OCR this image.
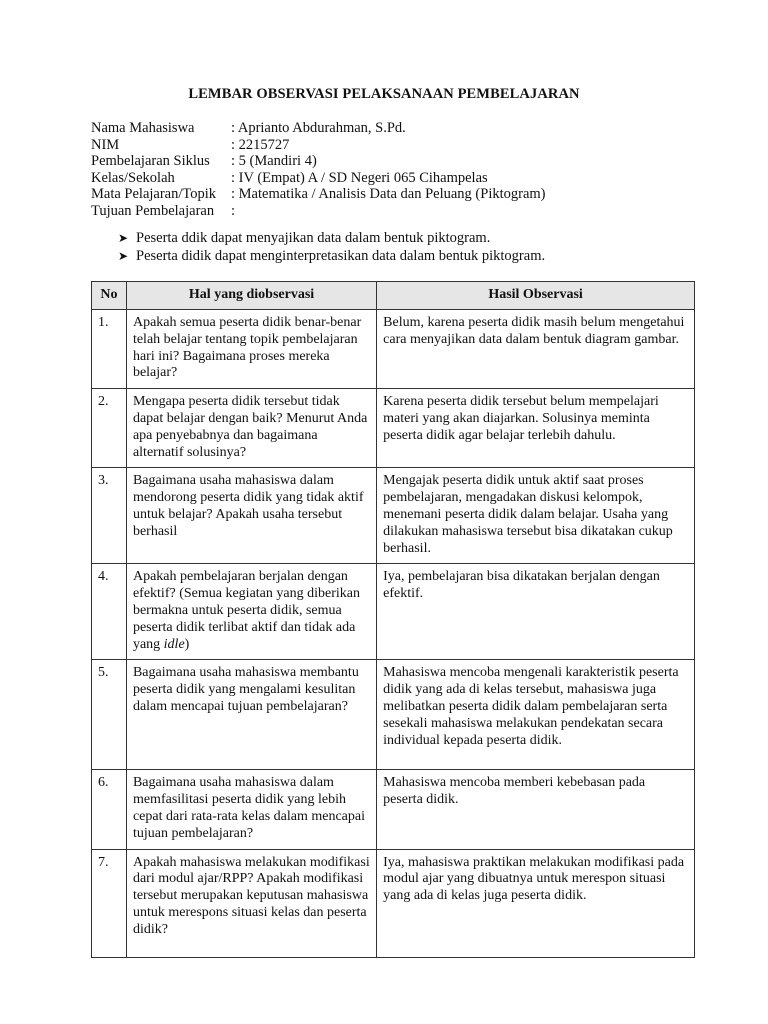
LEMBAR OBSERVASI PELAKSANAAN PEMBELAJARAN
Nama Mahasiswa	: Aprianto Abdurahman, S.Pd.
NIM	: 2215727
Pembelajaran Siklus : 5 (Mandiri 4)
Kelas/Sekolah	: IV (Empat) A / SD Negeri 065 Cihampelas
Mata Pelajaran/Topik : Matematika / Analisis Data dan Peluang (Piktogram)
Tujuan Pembelajaran :
➤ Peserta ddik dapat menyajikan data dalam bentuk piktogram.
➤ Peserta didik dapat menginterpretasikan data dalam bentuk piktogram.
No	Hal yang diobservasi	Hasil Observasi
1.	Apakah semua peserta didik benar-benar telah belajar tentang topik pembelajaran hari ini? Bagaimana proses mereka belajar?	Belum, karena peserta didik masih belum mengetahui cara menyajikan data dalam bentuk diagram gambar.
2.	Mengapa peserta didik tersebut tidak dapat belajar dengan baik? Menurut Anda apa penyebabnya dan bagaimana alternatif solusinya?	Karena peserta didik tersebut belum mempelajari materi yang akan diajarkan. Solusinya meminta peserta didik agar belajar terlebih dahulu.
3.	Bagaimana usaha mahasiswa dalam mendorong peserta didik yang tidak aktif untuk belajar? Apakah usaha tersebut berhasil	Mengajak peserta didik untuk aktif saat proses pembelajaran, mengadakan diskusi kelompok, menemani peserta didik dalam belajar. Usaha yang dilakukan mahasiswa tersebut bisa dikatakan cukup berhasil.
4.	Apakah pembelajaran berjalan dengan efektif? (Semua kegiatan yang diberikan bermakna untuk peserta didik, semua peserta didik terlibat aktif dan tidak ada yang idle)	Iya, pembelajaran bisa dikatakan berjalan dengan efektif.
5.	Bagaimana usaha mahasiswa membantu peserta didik yang mengalami kesulitan dalam mencapai tujuan pembelajaran?	Mahasiswa mencoba mengenali karakteristik peserta didik yang ada di kelas tersebut, mahasiswa juga melibatkan peserta didik dalam pembelajaran serta sesekali mahasiswa melakukan pendekatan secara individual kepada peserta didik.
6.	Bagaimana usaha mahasiswa dalam memfasilitasi peserta didik yang lebih cepat dari rata-rata kelas dalam mencapai tujuan pembelajaran?	Mahasiswa mencoba memberi kebebasan pada peserta didik.
7.	Apakah mahasiswa melakukan modifikasi dari modul ajar/RPP? Apakah modifikasi tersebut merupakan keputusan mahasiswa untuk merespons situasi kelas dan peserta didik?	Iya, mahasiswa praktikan melakukan modifikasi pada modul ajar yang dibuatnya untuk merespon situasi yang ada di kelas juga peserta didik.
